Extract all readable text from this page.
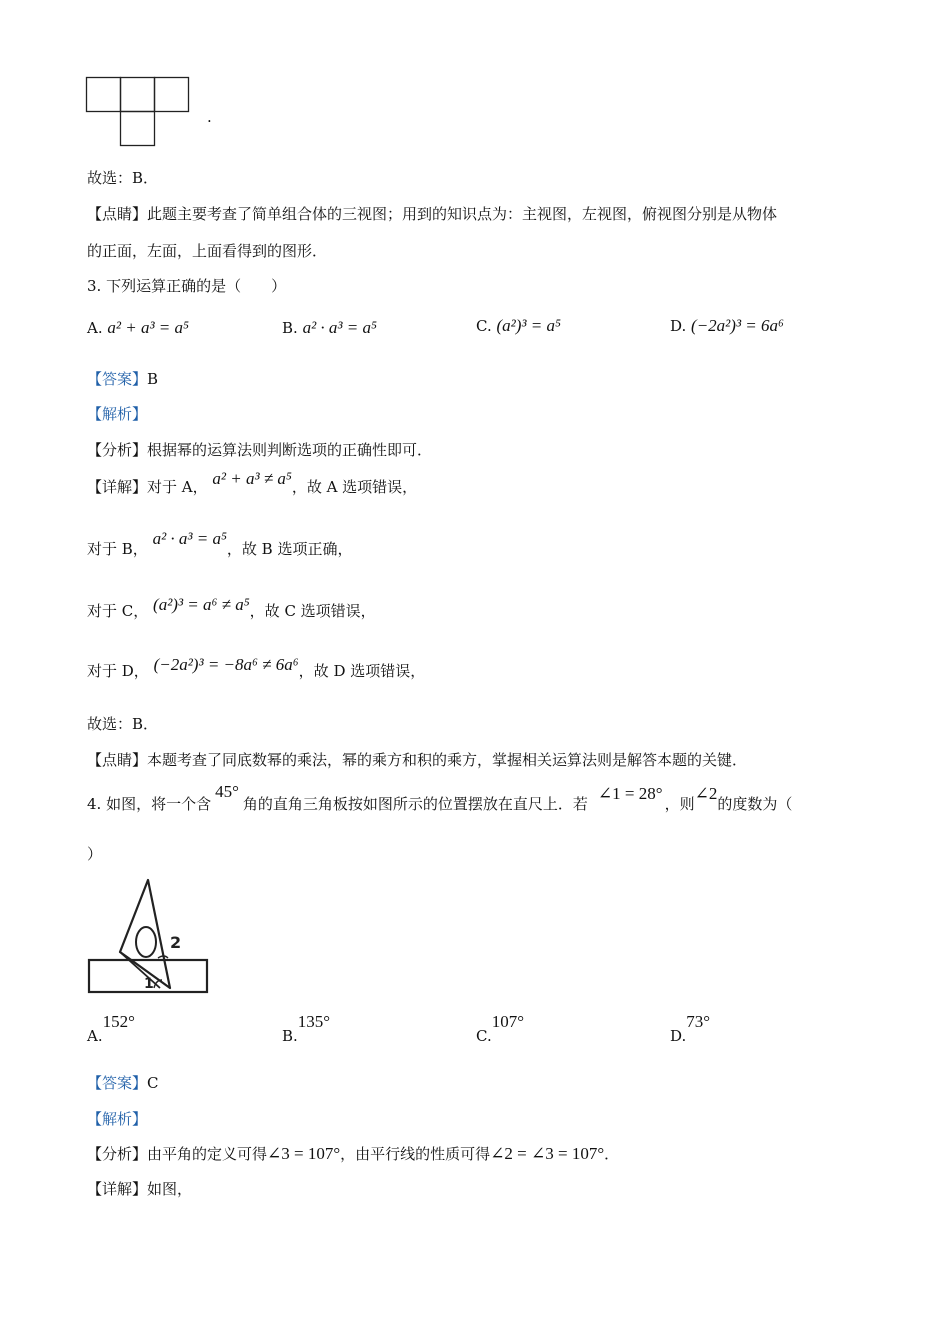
.
故选：B．
【点睛】此题主要考查了简单组合体的三视图；用到的知识点为：主视图，左视图，俯视图分别是从物体
的正面，左面，上面看得到的图形．
3. 下列运算正确的是（　　）
A. a² + a³ = a⁵	B. a² · a³ = a⁵	C. (a²)³ = a⁵	D. (−2a²)³ = 6a⁶
【答案】B
【解析】
【分析】根据幂的运算法则判断选项的正确性即可．
【详解】对于 A， a² + a³ ≠ a⁵，故 A 选项错误，
对于 B， a² · a³ = a⁵，故 B 选项正确，
对于 C， (a²)³ = a⁶ ≠ a⁵，故 C 选项错误，
对于 D， (−2a²)³ = −8a⁶ ≠ 6a⁶，故 D 选项错误，
故选：B．
【点睛】本题考查了同底数幂的乘法，幂的乘方和积的乘方，掌握相关运算法则是解答本题的关键．
4. 如图，将一个含45°角的直角三角板按如图所示的位置摆放在直尺上．若∠1 = 28°，则∠2的度数为（
）
2
1
A.152°
B.135°
C.107°
D.73°
【答案】C
【解析】
【分析】由平角的定义可得∠3 = 107°，由平行线的性质可得∠2 = ∠3 = 107°．
【详解】如图，
